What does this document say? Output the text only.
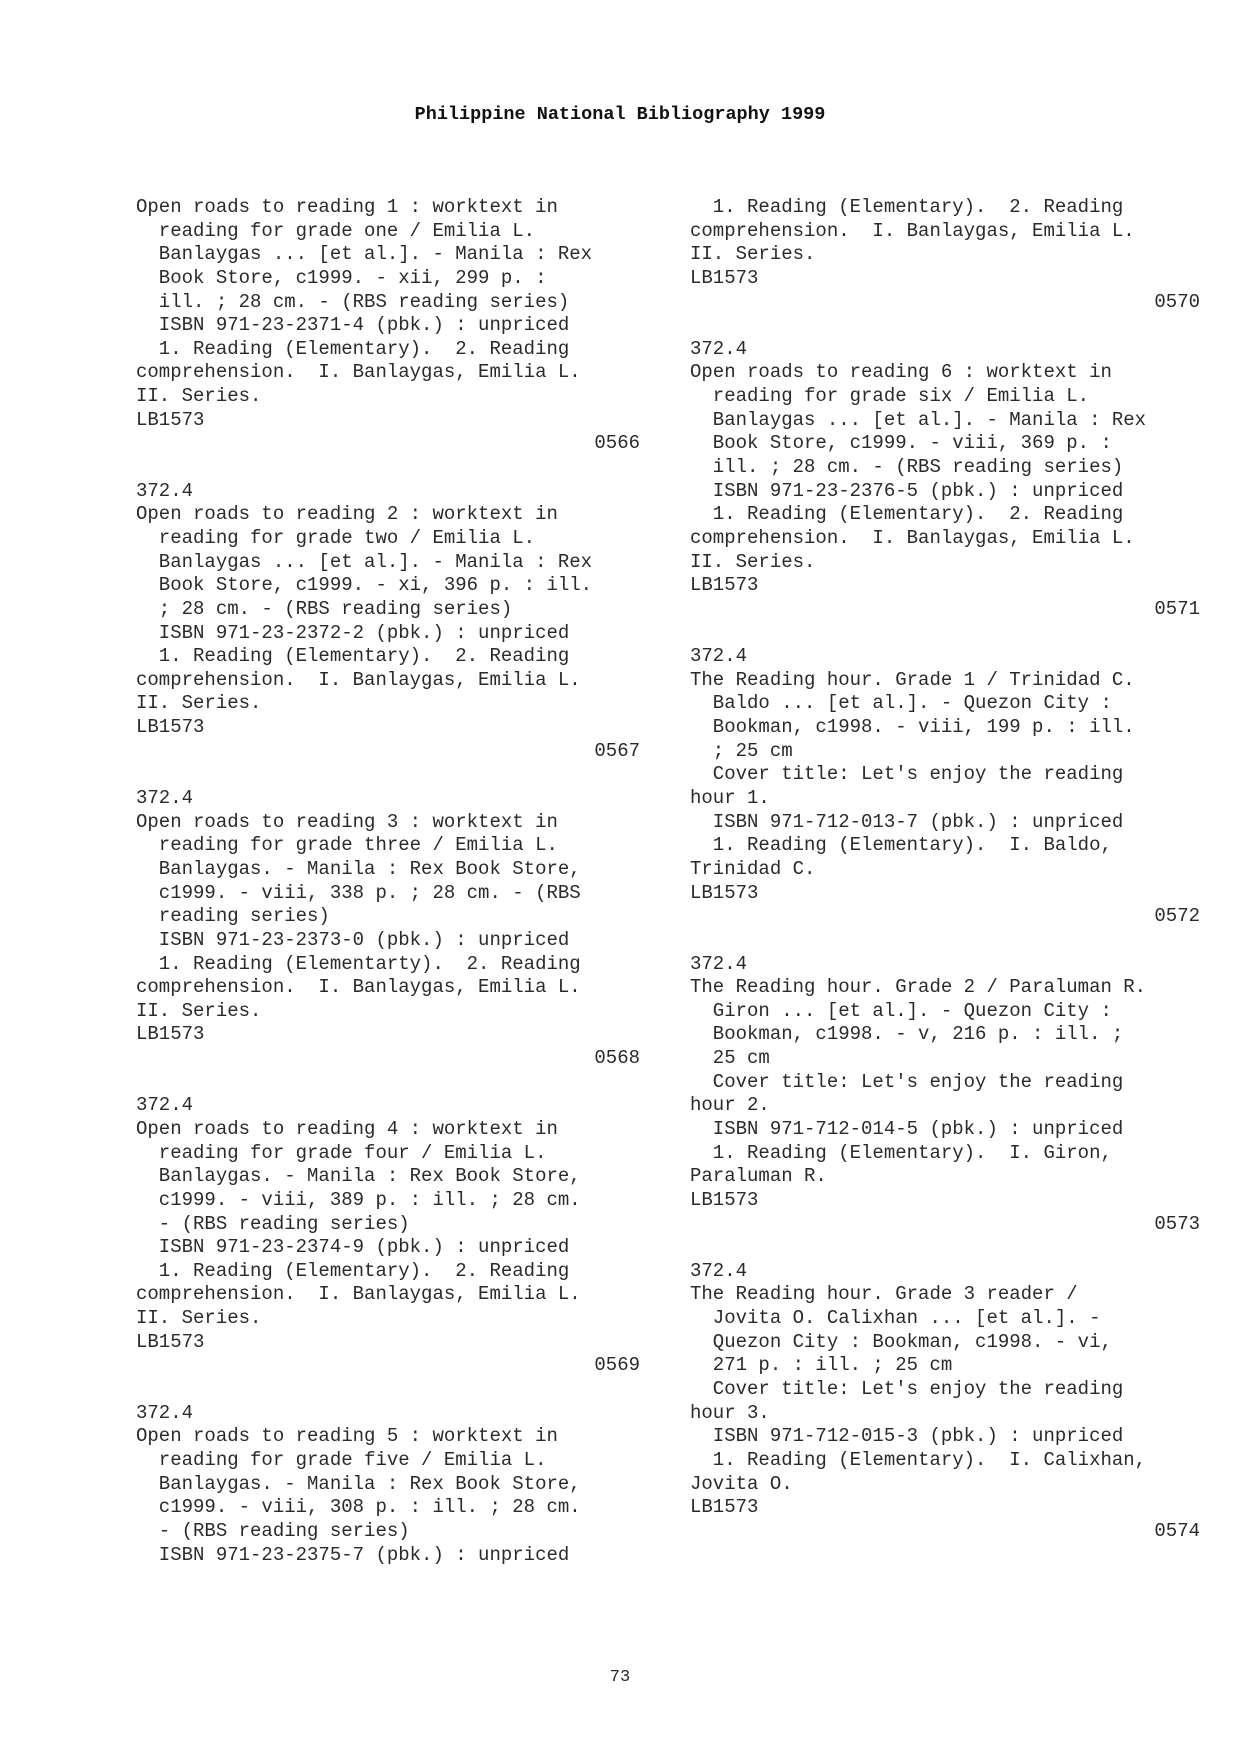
Philippine National Bibliography 1999
Open roads to reading 1 : worktext in
reading for grade one / Emilia L.
Banlaygas ... [et al.]. - Manila : Rex
Book Store, c1999. - xii, 299 p. :
ill. ; 28 cm. - (RBS reading series)
ISBN 971-23-2371-4 (pbk.) : unpriced
1. Reading (Elementary).  2. Reading
comprehension.  I. Banlaygas, Emilia L.
II. Series.
LB1573
0566
372.4
Open roads to reading 2 : worktext in
reading for grade two / Emilia L.
Banlaygas ... [et al.]. - Manila : Rex
Book Store, c1999. - xi, 396 p. : ill.
; 28 cm. - (RBS reading series)
ISBN 971-23-2372-2 (pbk.) : unpriced
1. Reading (Elementary).  2. Reading
comprehension.  I. Banlaygas, Emilia L.
II. Series.
LB1573
0567
372.4
Open roads to reading 3 : worktext in
reading for grade three / Emilia L.
Banlaygas. - Manila : Rex Book Store,
c1999. - viii, 338 p. ; 28 cm. - (RBS
reading series)
ISBN 971-23-2373-0 (pbk.) : unpriced
1. Reading (Elementarty).  2. Reading
comprehension.  I. Banlaygas, Emilia L.
II. Series.
LB1573
0568
372.4
Open roads to reading 4 : worktext in
reading for grade four / Emilia L.
Banlaygas. - Manila : Rex Book Store,
c1999. - viii, 389 p. : ill. ; 28 cm.
- (RBS reading series)
ISBN 971-23-2374-9 (pbk.) : unpriced
1. Reading (Elementary).  2. Reading
comprehension.  I. Banlaygas, Emilia L.
II. Series.
LB1573
0569
372.4
Open roads to reading 5 : worktext in
reading for grade five / Emilia L.
Banlaygas. - Manila : Rex Book Store,
c1999. - viii, 308 p. : ill. ; 28 cm.
- (RBS reading series)
ISBN 971-23-2375-7 (pbk.) : unpriced
1. Reading (Elementary).  2. Reading
comprehension.  I. Banlaygas, Emilia L.
II. Series.
LB1573
0570
372.4
Open roads to reading 6 : worktext in
reading for grade six / Emilia L.
Banlaygas ... [et al.]. - Manila : Rex
Book Store, c1999. - viii, 369 p. :
ill. ; 28 cm. - (RBS reading series)
ISBN 971-23-2376-5 (pbk.) : unpriced
1. Reading (Elementary).  2. Reading
comprehension.  I. Banlaygas, Emilia L.
II. Series.
LB1573
0571
372.4
The Reading hour. Grade 1 / Trinidad C.
Baldo ... [et al.]. - Quezon City :
Bookman, c1998. - viii, 199 p. : ill.
; 25 cm
Cover title: Let's enjoy the reading
hour 1.
ISBN 971-712-013-7 (pbk.) : unpriced
1. Reading (Elementary).  I. Baldo,
Trinidad C.
LB1573
0572
372.4
The Reading hour. Grade 2 / Paraluman R.
Giron ... [et al.]. - Quezon City :
Bookman, c1998. - v, 216 p. : ill. ;
25 cm
Cover title: Let's enjoy the reading
hour 2.
ISBN 971-712-014-5 (pbk.) : unpriced
1. Reading (Elementary).  I. Giron,
Paraluman R.
LB1573
0573
372.4
The Reading hour. Grade 3 reader /
Jovita O. Calixhan ... [et al.]. -
Quezon City : Bookman, c1998. - vi,
271 p. : ill. ; 25 cm
Cover title: Let's enjoy the reading
hour 3.
ISBN 971-712-015-3 (pbk.) : unpriced
1. Reading (Elementary).  I. Calixhan,
Jovita O.
LB1573
0574
73
